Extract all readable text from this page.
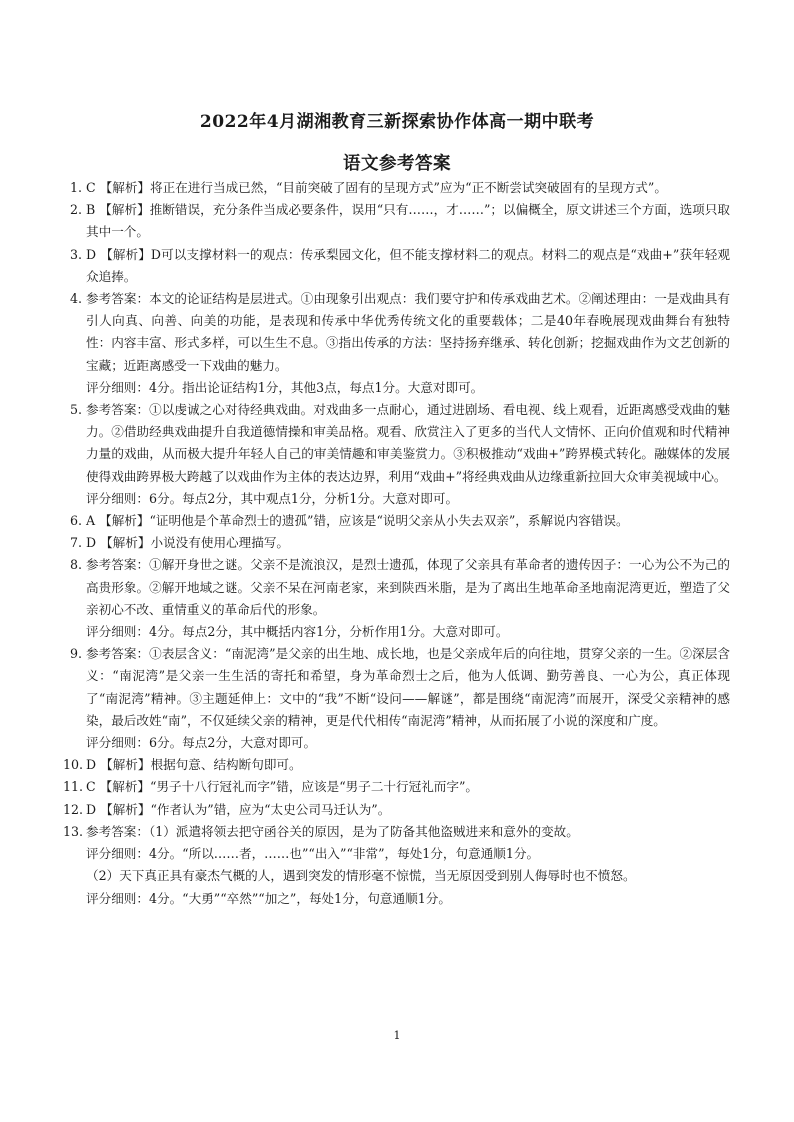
2022年4月湖湘教育三新探索协作体高一期中联考
语文参考答案
1. C 【解析】将正在进行当成已然，“目前突破了固有的呈现方式”应为“正不断尝试突破固有的呈现方式”。
2. B 【解析】推断错误，充分条件当成必要条件，误用“只有……，才……”；以偏概全，原文讲述三个方面，选项只取其中一个。
3. D 【解析】D可以支撑材料一的观点：传承梨园文化，但不能支撑材料二的观点。材料二的观点是“戏曲+”获年轻观众追捧。
4. 参考答案：本文的论证结构是层进式。①由现象引出观点：我们要守护和传承戏曲艺术。②阐述理由：一是戏曲具有引人向真、向善、向美的功能，是表现和传承中华优秀传统文化的重要载体；二是40年春晚展现戏曲舞台有独特性：内容丰富、形式多样，可以生生不息。③指出传承的方法：坚持扬弃继承、转化创新；挖掘戏曲作为文艺创新的宝藏；近距离感受一下戏曲的魅力。
评分细则：4分。指出论证结构1分，其他3点，每点1分。大意对即可。
5. 参考答案：①以虔诚之心对待经典戏曲。对戏曲多一点耐心，通过进剧场、看电视、线上观看，近距离感受戏曲的魅力。②借助经典戏曲提升自我道德情操和审美品格。观看、欣赏注入了更多的当代人文情怀、正向价值观和时代精神力量的戏曲，从而极大提升年轻人自己的审美情趣和审美鉴赏力。③积极推动“戏曲+”跨界模式转化。融媒体的发展使得戏曲跨界极大跨越了以戏曲作为主体的表达边界，利用“戏曲+”将经典戏曲从边缘重新拉回大众审美视域中心。
评分细则：6分。每点2分，其中观点1分，分析1分。大意对即可。
6. A 【解析】“证明他是个革命烈士的遗孤”错，应该是“说明父亲从小失去双亲”，系解说内容错误。
7. D 【解析】小说没有使用心理描写。
8. 参考答案：①解开身世之谜。父亲不是流浪汉，是烈士遗孤，体现了父亲具有革命者的遗传因子：一心为公不为己的高贵形象。②解开地域之谜。父亲不呆在河南老家，来到陕西米脂，是为了离出生地革命圣地南泥湾更近，塑造了父亲初心不改、重情重义的革命后代的形象。
评分细则：4分。每点2分，其中概括内容1分，分析作用1分。大意对即可。
9. 参考答案：①表层含义：“南泥湾”是父亲的出生地、成长地，也是父亲成年后的向往地，贯穿父亲的一生。②深层含义：“南泥湾”是父亲一生生活的寄托和希望，身为革命烈士之后，他为人低调、勤劳善良、一心为公，真正体现了“南泥湾”精神。③主题延伸上：文中的“我”不断“设问——解谜”，都是围绕“南泥湾”而展开，深受父亲精神的感染，最后改姓“南”，不仅延续父亲的精神，更是代代相传“南泥湾”精神，从而拓展了小说的深度和广度。
评分细则：6分。每点2分，大意对即可。
10. D 【解析】根据句意、结构断句即可。
11. C 【解析】“男子十八行冠礼而字”错，应该是“男子二十行冠礼而字”。
12. D 【解析】“作者认为”错，应为“太史公司马迁认为”。
13. 参考答案：（1）派遣将领去把守函谷关的原因，是为了防备其他盗贼进来和意外的变故。
评分细则：4分。“所以……者，……也”“出入”“非常”，每处1分，句意通顺1分。
（2）天下真正具有豪杰气概的人，遇到突发的情形毫不惊慌，当无原因受到别人侮辱时也不愤怒。
评分细则：4分。“大勇”“卒然”“加之”，每处1分，句意通顺1分。
1
